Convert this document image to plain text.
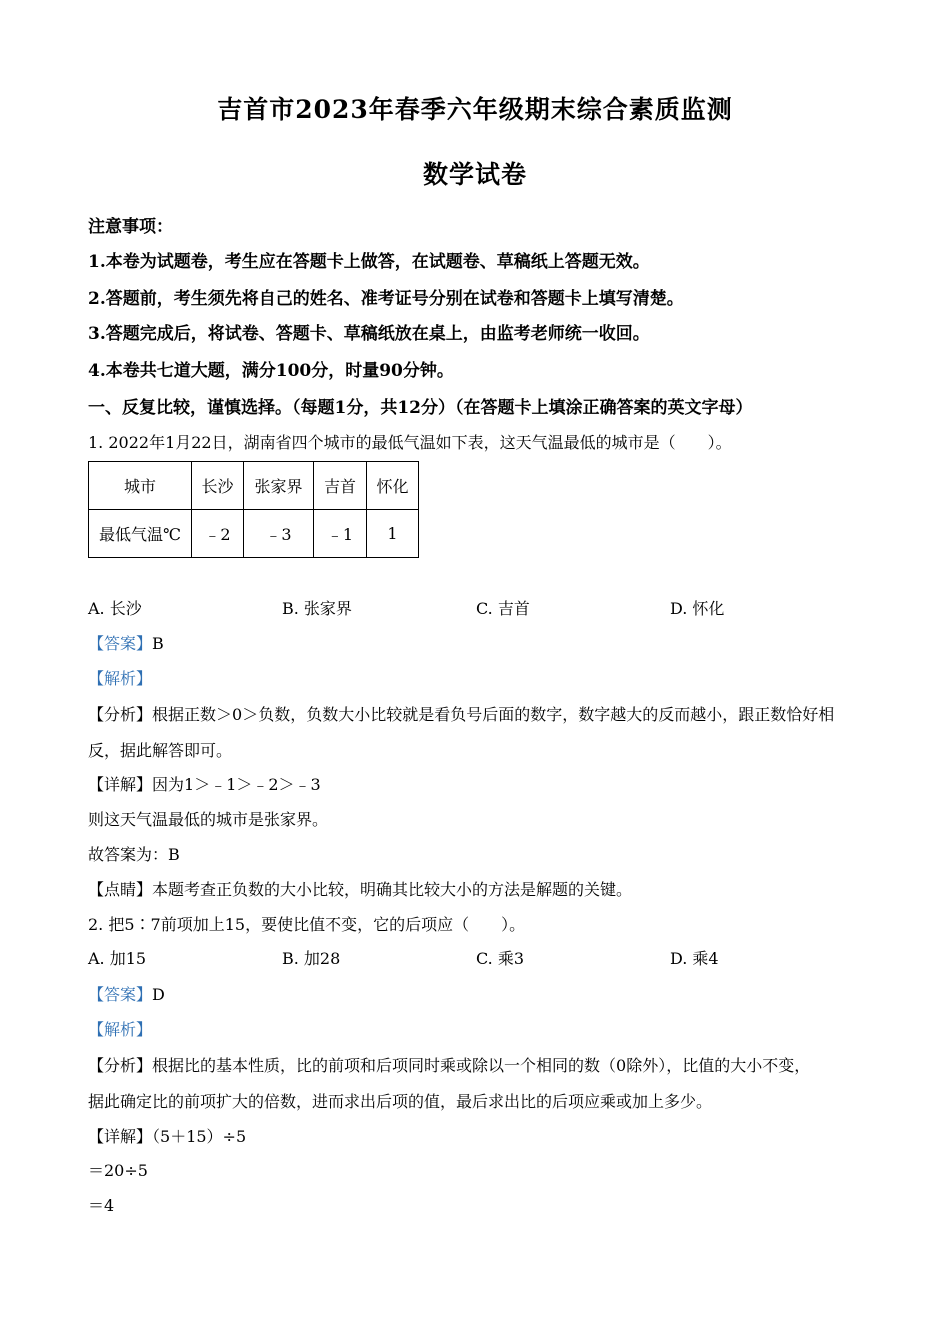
吉首市2023年春季六年级期末综合素质监测
数学试卷
注意事项：
1.本卷为试题卷，考生应在答题卡上做答，在试题卷、草稿纸上答题无效。
2.答题前，考生须先将自己的姓名、准考证号分别在试卷和答题卡上填写清楚。
3.答题完成后，将试卷、答题卡、草稿纸放在桌上，由监考老师统一收回。
4.本卷共七道大题，满分100分，时量90分钟。
一、反复比较，谨慎选择。（每题1分，共12分）（在答题卡上填涂正确答案的英文字母）
1. 2022年1月22日，湖南省四个城市的最低气温如下表，这天气温最低的城市是（　　）。
城市	长沙	张家界	吉首	怀化
最低气温℃	﹣2	﹣3	﹣1	1
A. 长沙	B. 张家界	C. 吉首	D. 怀化
【答案】B
【解析】
【分析】根据正数＞0＞负数，负数大小比较就是看负号后面的数字，数字越大的反而越小，跟正数恰好相
反，据此解答即可。
【详解】因为1＞﹣1＞﹣2＞﹣3
则这天气温最低的城市是张家界。
故答案为：B
【点睛】本题考查正负数的大小比较，明确其比较大小的方法是解题的关键。
2. 把5∶7前项加上15，要使比值不变，它的后项应（　　）。
A. 加15	B. 加28	C. 乘3	D. 乘4
【答案】D
【解析】
【分析】根据比的基本性质，比的前项和后项同时乘或除以一个相同的数（0除外），比值的大小不变，
据此确定比的前项扩大的倍数，进而求出后项的值，最后求出比的后项应乘或加上多少。
【详解】（5＋15）÷5
＝20÷5
＝4
